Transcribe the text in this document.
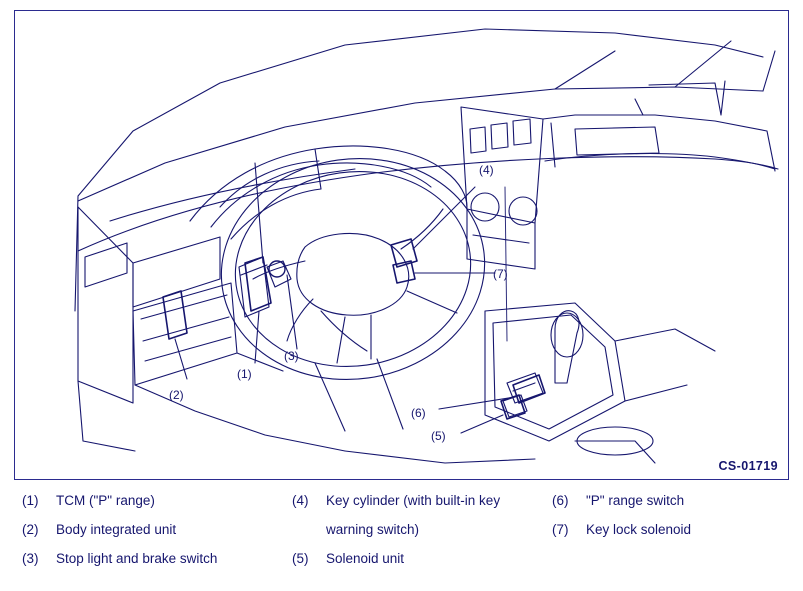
(1)
(2)
(3)
(4)
(5)
(6)
(7)
CS-01719
(1)	TCM ("P" range)
(2)	Body integrated unit
(3)	Stop light and brake switch
(4)	Key cylinder (with built-in key
warning switch)
(5)	Solenoid unit
(6)	"P" range switch
(7)	Key lock solenoid
